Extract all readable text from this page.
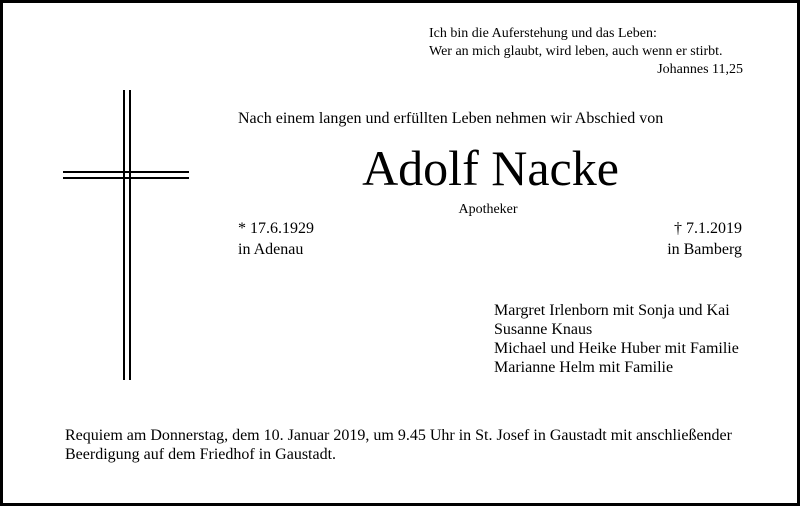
Ich bin die Auferstehung und das Leben:
Wer an mich glaubt, wird leben, auch wenn er stirbt.
Johannes 11,25
Nach einem langen und erfüllten Leben nehmen wir Abschied von
Adolf Nacke
Apotheker
* 17.6.1929
in Adenau
† 7.1.2019
in Bamberg
Margret Irlenborn mit Sonja und Kai
Susanne Knaus
Michael und Heike Huber mit Familie
Marianne Helm mit Familie
Requiem am Donnerstag, dem 10. Januar 2019, um 9.45 Uhr in St. Josef in Gaustadt mit anschließender
Beerdigung auf dem Friedhof in Gaustadt.
